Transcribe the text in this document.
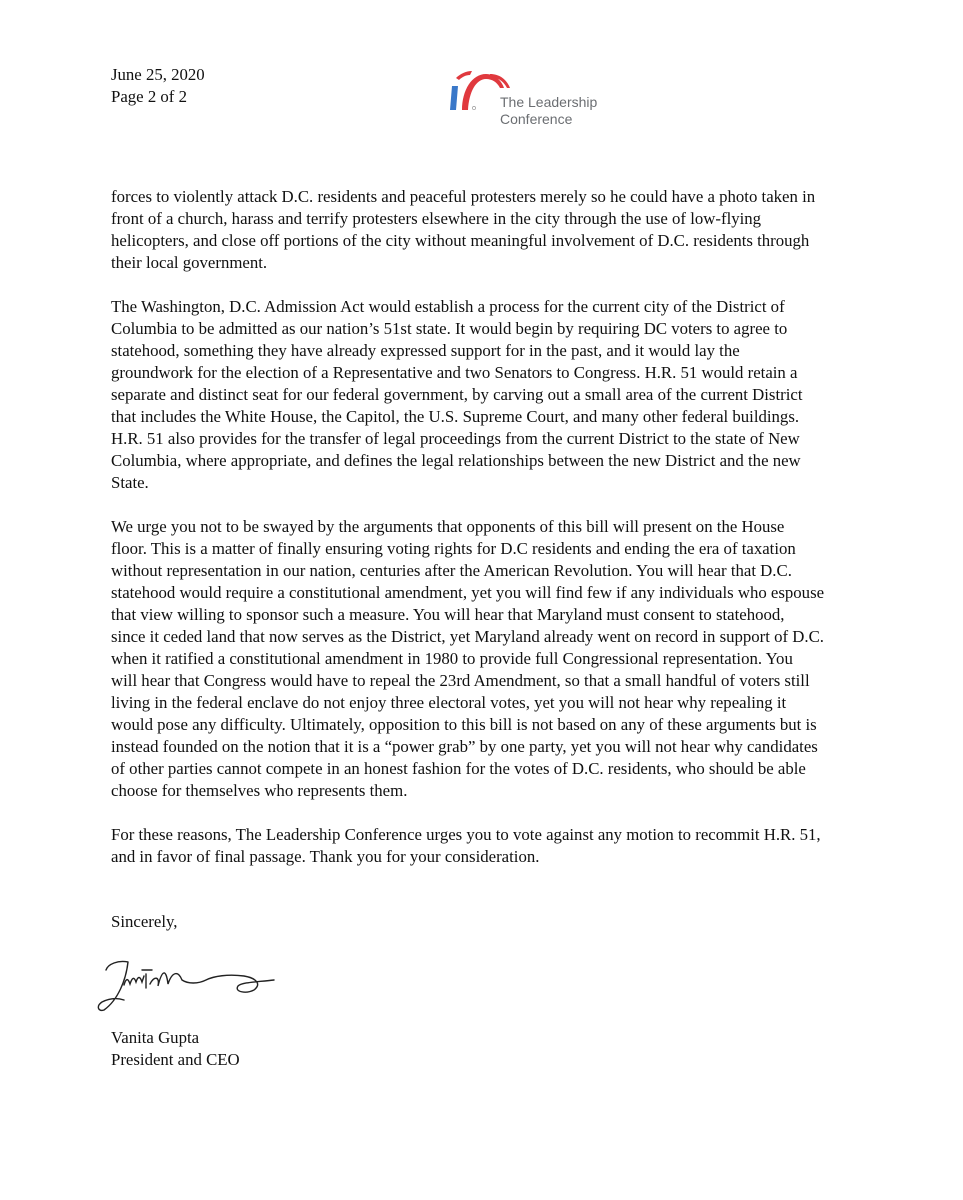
June 25, 2020
Page 2 of 2	The Leadership
Conference
forces to violently attack D.C. residents and peaceful protesters merely so he could have a photo taken in
front of a church, harass and terrify protesters elsewhere in the city through the use of low-flying
helicopters, and close off portions of the city without meaningful involvement of D.C. residents through
their local government.
The Washington, D.C. Admission Act would establish a process for the current city of the District of
Columbia to be admitted as our nation’s 51st state. It would begin by requiring DC voters to agree to
statehood, something they have already expressed support for in the past, and it would lay the
groundwork for the election of a Representative and two Senators to Congress. H.R. 51 would retain a
separate and distinct seat for our federal government, by carving out a small area of the current District
that includes the White House, the Capitol, the U.S. Supreme Court, and many other federal buildings.
H.R. 51 also provides for the transfer of legal proceedings from the current District to the state of New
Columbia, where appropriate, and defines the legal relationships between the new District and the new
State.
We urge you not to be swayed by the arguments that opponents of this bill will present on the House
floor. This is a matter of finally ensuring voting rights for D.C residents and ending the era of taxation
without representation in our nation, centuries after the American Revolution. You will hear that D.C.
statehood would require a constitutional amendment, yet you will find few if any individuals who espouse
that view willing to sponsor such a measure. You will hear that Maryland must consent to statehood,
since it ceded land that now serves as the District, yet Maryland already went on record in support of D.C.
when it ratified a constitutional amendment in 1980 to provide full Congressional representation. You
will hear that Congress would have to repeal the 23rd Amendment, so that a small handful of voters still
living in the federal enclave do not enjoy three electoral votes, yet you will not hear why repealing it
would pose any difficulty. Ultimately, opposition to this bill is not based on any of these arguments but is
instead founded on the notion that it is a “power grab” by one party, yet you will not hear why candidates
of other parties cannot compete in an honest fashion for the votes of D.C. residents, who should be able
choose for themselves who represents them.
For these reasons, The Leadership Conference urges you to vote against any motion to recommit H.R. 51,
and in favor of final passage. Thank you for your consideration.
Sincerely,
Vanita Gupta
President and CEO
